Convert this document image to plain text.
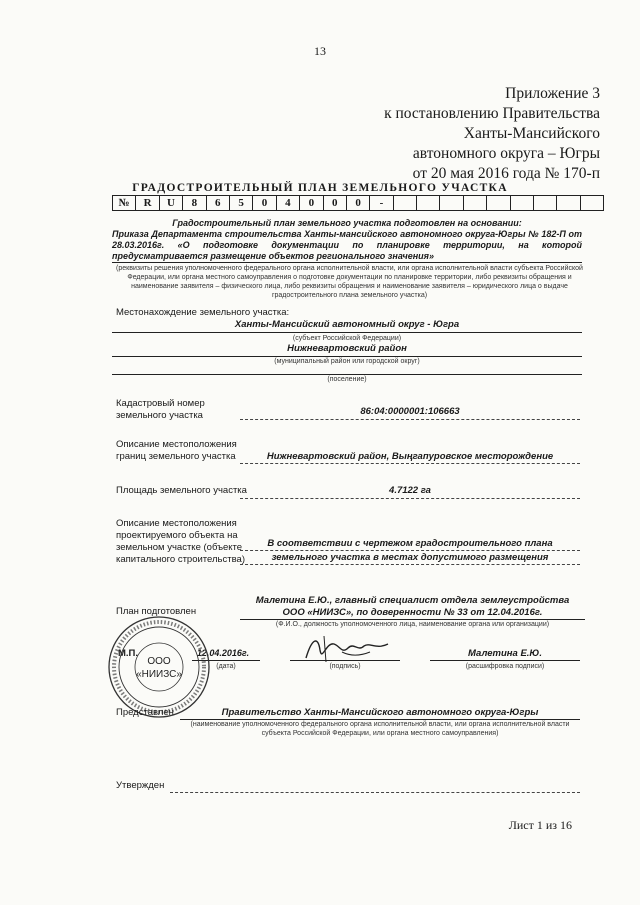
13
Приложение 3
к постановлению Правительства
Ханты-Мансийского
автономного округа – Югры
от 20 мая 2016 года № 170-п
ГРАДОСТРОИТЕЛЬНЫЙ ПЛАН ЗЕМЕЛЬНОГО УЧАСТКА
№	R	U	8	6	5	0	4	0	0	0	-									
Градостроительный план земельного участка подготовлен на основании:
Приказа Департамента строительства Ханты-мансийского автономного округа-Югры № 182-П от 28.03.2016г. «О подготовке документации по планировке территории, на которой предусматривается размещение объектов регионального значения»
(реквизиты решения уполномоченного федерального органа исполнительной власти, или органа исполнительной власти субъекта Российской Федерации, или органа местного самоуправления о подготовке документации по планировке территории, либо реквизиты обращения и наименование заявителя – физического лица, либо реквизиты обращения и наименование заявителя – юридического лица о выдаче градостроительного плана земельного участка)
Местонахождение земельного участка:
Ханты-Мансийский автономный округ - Югра
(субъект Российской Федерации)
Нижневартовский район
(муниципальный район или городской округ)
(поселение)
Кадастровый номер
земельного участка	86:04:0000001:106663
Описание местоположения
границ земельного участка	Нижневартовский район, Выңгапуровское месторождение
Площадь земельного участка	4.7122 га
Описание местоположения
проектируемого объекта на
земельном участке (объекте
капитального строительства)
В соответствии с чертежом градостроительного плана
земельного участка в местах допустимого размещения
План подготовлен
Малетина Е.Ю., главный специалист отдела землеустройства
ООО «НИИЗС», по доверенности № 33 от 12.04.2016г.
(Ф.И.О., должность уполномоченного лица, наименование органа или организации)
М.П.	12.04.2016г.
(дата)	(подпись)
Малетина Е.Ю.
(расшифровка подписи)
ООО
«НИИЗС»
Представлен	Правительство Ханты-Мансийского автономного округа-Югры
(наименование уполномоченного федерального органа исполнительной власти, или органа исполнительной власти субъекта Российской Федерации, или органа местного самоуправления)
Утвержден
Лист 1 из 16
